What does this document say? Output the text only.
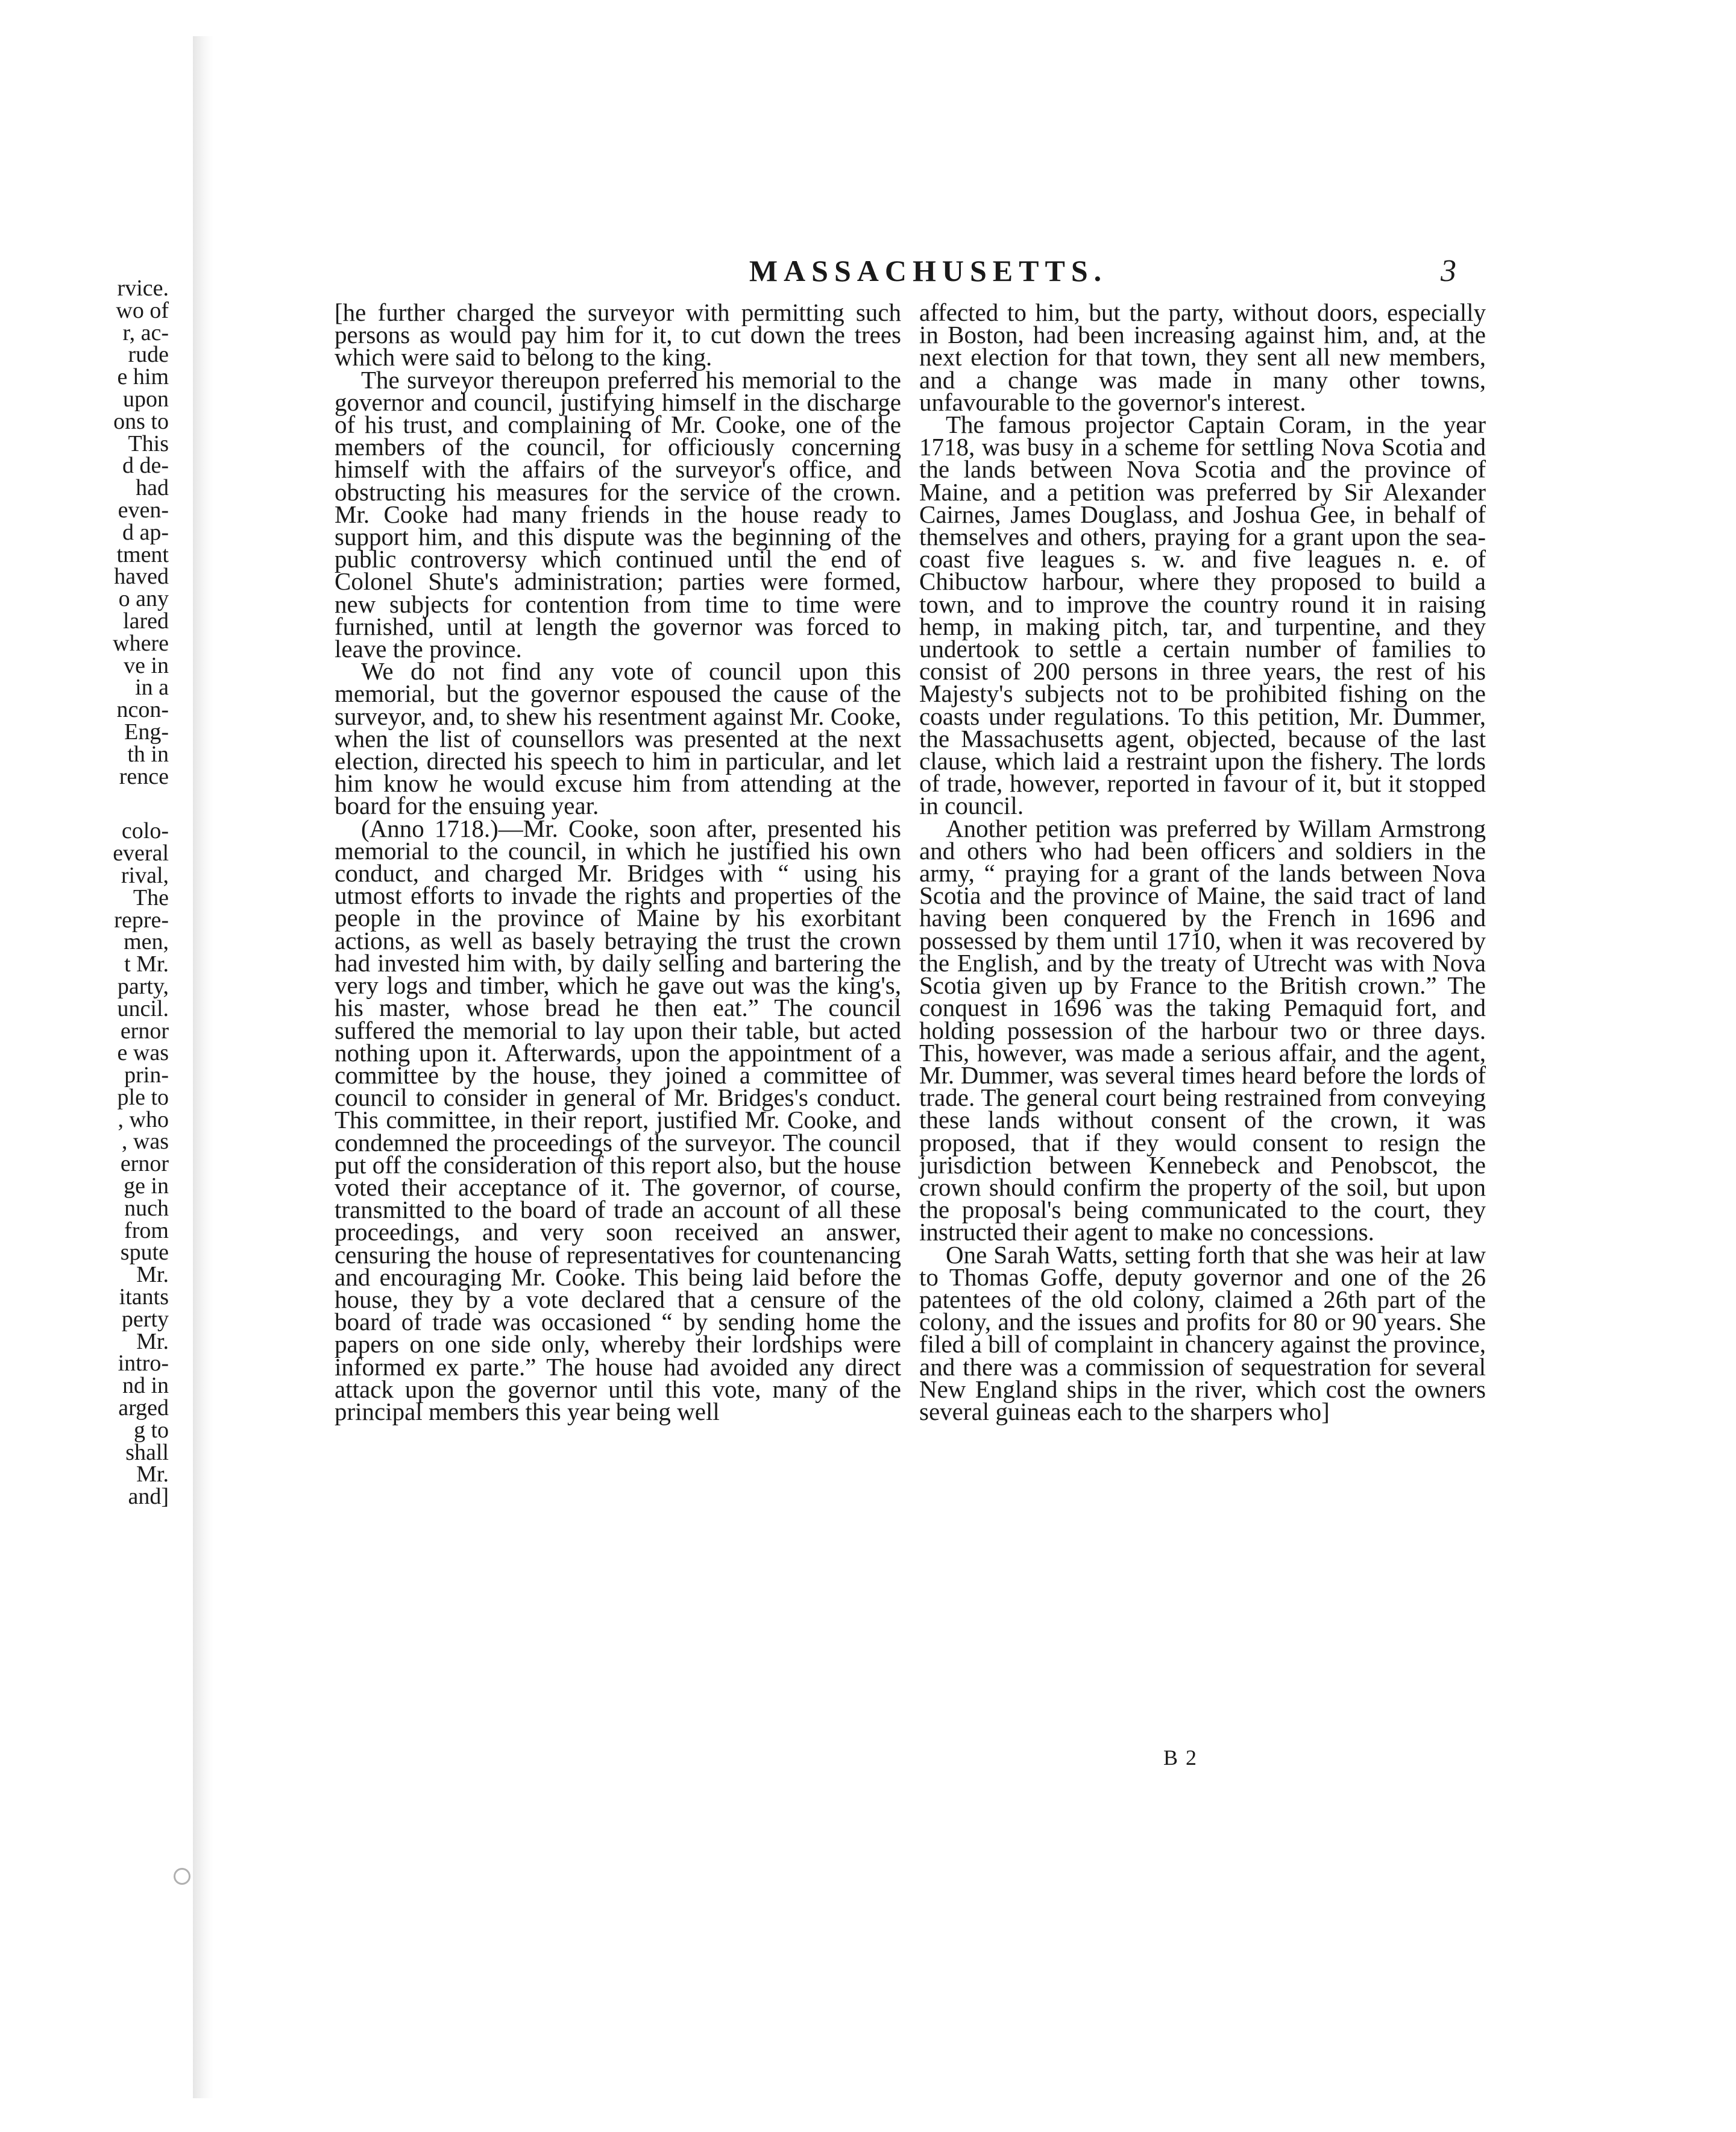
rvice.
wo of
r, ac-
rude
e him
upon
ons to
This
d de-
had
even-
d ap-
tment
haved
o any
lared
where
ve in
in a
ncon-
Eng-
th in
rence
colo-
everal
rival,
The
repre-
men,
t Mr.
party,
uncil.
ernor
e was
prin-
ple to
, who
, was
ernor
ge in
nuch
from
spute
Mr.
itants
perty
Mr.
intro-
nd in
arged
g to
shall
Mr.
and]
MASSACHUSETTS.	3

[he further charged the surveyor with permitting such persons as would pay him for it, to cut down the trees which were said to belong to the king.

The surveyor thereupon preferred his memorial to the governor and council, justifying himself in the discharge of his trust, and complaining of Mr. Cooke, one of the members of the council, for officiously concerning himself with the affairs of the surveyor's office, and obstructing his measures for the service of the crown. Mr. Cooke had many friends in the house ready to support him, and this dispute was the beginning of the public controversy which continued until the end of Colonel Shute's administration; parties were formed, new subjects for contention from time to time were furnished, until at length the governor was forced to leave the province.

We do not find any vote of council upon this memorial, but the governor espoused the cause of the surveyor, and, to shew his resentment against Mr. Cooke, when the list of counsellors was presented at the next election, directed his speech to him in particular, and let him know he would excuse him from attending at the board for the ensuing year.

(Anno 1718.)—Mr. Cooke, soon after, presented his memorial to the council, in which he justified his own conduct, and charged Mr. Bridges with “ using his utmost efforts to invade the rights and properties of the people in the province of Maine by his exorbitant actions, as well as basely betraying the trust the crown had invested him with, by daily selling and bartering the very logs and timber, which he gave out was the king's, his master, whose bread he then eat.” The council suffered the memorial to lay upon their table, but acted nothing upon it. Afterwards, upon the appointment of a committee by the house, they joined a committee of council to consider in general of Mr. Bridges's conduct. This committee, in their report, justified Mr. Cooke, and condemned the proceedings of the surveyor. The council put off the consideration of this report also, but the house voted their acceptance of it. The governor, of course, transmitted to the board of trade an account of all these proceedings, and very soon received an answer, censuring the house of representatives for countenancing and encouraging Mr. Cooke. This being laid before the house, they by a vote declared that a censure of the board of trade was occasioned “ by sending home the papers on one side only, whereby their lordships were informed ex parte.” The house had avoided any direct attack upon the governor until this vote, many of the principal members this year being well

affected to him, but the party, without doors, especially in Boston, had been increasing against him, and, at the next election for that town, they sent all new members, and a change was made in many other towns, unfavourable to the governor's interest.

The famous projector Captain Coram, in the year 1718, was busy in a scheme for settling Nova Scotia and the lands between Nova Scotia and the province of Maine, and a petition was preferred by Sir Alexander Cairnes, James Douglass, and Joshua Gee, in behalf of themselves and others, praying for a grant upon the sea-coast five leagues s. w. and five leagues n. e. of Chibuctow harbour, where they proposed to build a town, and to improve the country round it in raising hemp, in making pitch, tar, and turpentine, and they undertook to settle a certain number of families to consist of 200 persons in three years, the rest of his Majesty's subjects not to be prohibited fishing on the coasts under regulations. To this petition, Mr. Dummer, the Massachusetts agent, objected, because of the last clause, which laid a restraint upon the fishery. The lords of trade, however, reported in favour of it, but it stopped in council.

Another petition was preferred by Willam Armstrong and others who had been officers and soldiers in the army, “ praying for a grant of the lands between Nova Scotia and the province of Maine, the said tract of land having been conquered by the French in 1696 and possessed by them until 1710, when it was recovered by the English, and by the treaty of Utrecht was with Nova Scotia given up by France to the British crown.” The conquest in 1696 was the taking Pemaquid fort, and holding possession of the harbour two or three days. This, however, was made a serious affair, and the agent, Mr. Dummer, was several times heard before the lords of trade. The general court being restrained from conveying these lands without consent of the crown, it was proposed, that if they would consent to resign the jurisdiction between Kennebeck and Penobscot, the crown should confirm the property of the soil, but upon the proposal's being communicated to the court, they instructed their agent to make no concessions.

One Sarah Watts, setting forth that she was heir at law to Thomas Goffe, deputy governor and one of the 26 patentees of the old colony, claimed a 26th part of the colony, and the issues and profits for 80 or 90 years. She filed a bill of complaint in chancery against the province, and there was a commission of sequestration for several New England ships in the river, which cost the owners several guineas each to the sharpers who]

B 2
